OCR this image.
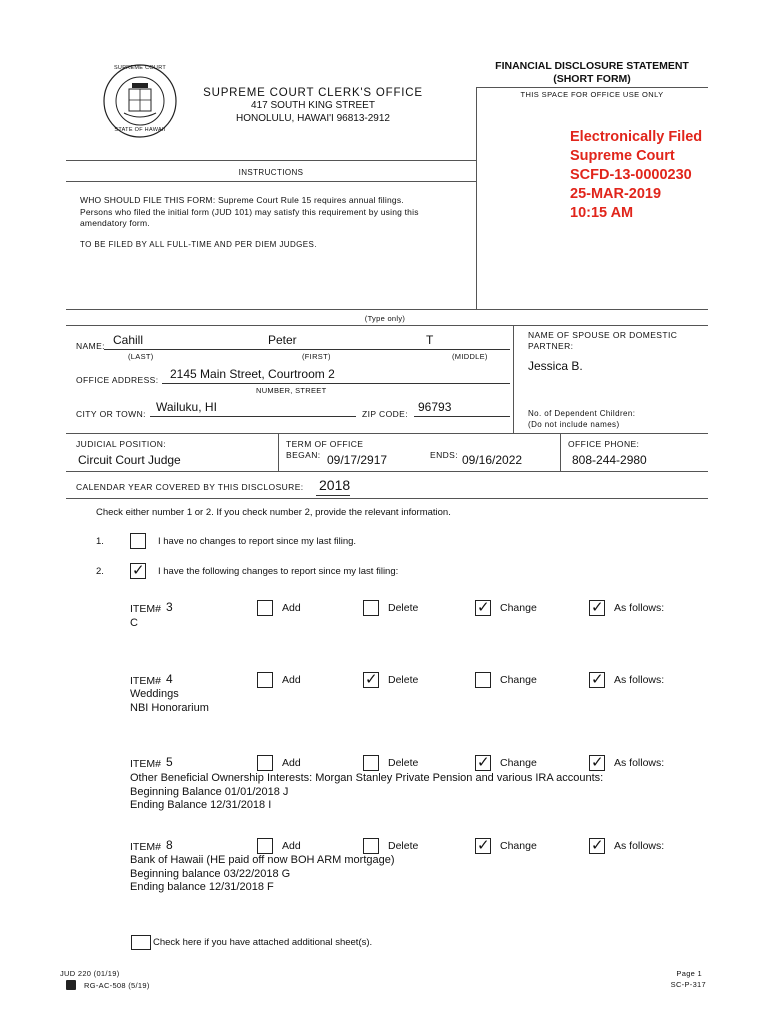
SUPREME COURT
STATE OF HAWAII
SUPREME COURT CLERK'S OFFICE
417 SOUTH KING STREET
HONOLULU, HAWAI'I 96813-2912
FINANCIAL DISCLOSURE STATEMENT
(SHORT FORM)
THIS SPACE FOR OFFICE USE ONLY
Electronically Filed
Supreme Court
SCFD-13-0000230
25-MAR-2019
10:15 AM
INSTRUCTIONS
WHO SHOULD FILE THIS FORM: Supreme Court Rule 15 requires annual filings.
Persons who filed the initial form (JUD 101) may satisfy this requirement by using this
amendatory form.
TO BE FILED BY ALL FULL-TIME AND PER DIEM JUDGES.
(Type only)
NAME: Cahill	Peter	T
(LAST)	(FIRST)	(MIDDLE)
NAME OF SPOUSE OR DOMESTIC
PARTNER:
Jessica B.
OFFICE ADDRESS: 2145 Main Street, Courtroom 2
NUMBER, STREET
CITY OR TOWN: Wailuku, HI	ZIP CODE: 96793	No. of Dependent Children:
(Do not include names)
JUDICIAL POSITION:
Circuit Court Judge
TERM OF OFFICE
BEGAN: 09/17/2917	ENDS: 09/16/2022
OFFICE PHONE:
808-244-2980
CALENDAR YEAR COVERED BY THIS DISCLOSURE: 2018
Check either number 1 or 2. If you check number 2, provide the relevant information.
1.	I have no changes to report since my last filing.
2. ✓ I have the following changes to report since my last filing:
ITEM# 3	Add	Delete	✓ Change	✓ As follows:
C
ITEM# 4	Add	✓ Delete	Change	✓ As follows:
Weddings
NBI Honorarium
ITEM# 5	Add	Delete	✓ Change	✓ As follows:
Other Beneficial Ownership Interests: Morgan Stanley Private Pension and various IRA accounts:
Beginning Balance 01/01/2018 J
Ending Balance 12/31/2018 I
ITEM# 8	Add	Delete	✓ Change	✓ As follows:
Bank of Hawaii (HE paid off now BOH ARM mortgage)
Beginning balance 03/22/2018 G
Ending balance 12/31/2018 F
Check here if you have attached additional sheet(s).
JUD 220 (01/19)
RG-AC-508 (5/19)
Page 1
SC-P-317
